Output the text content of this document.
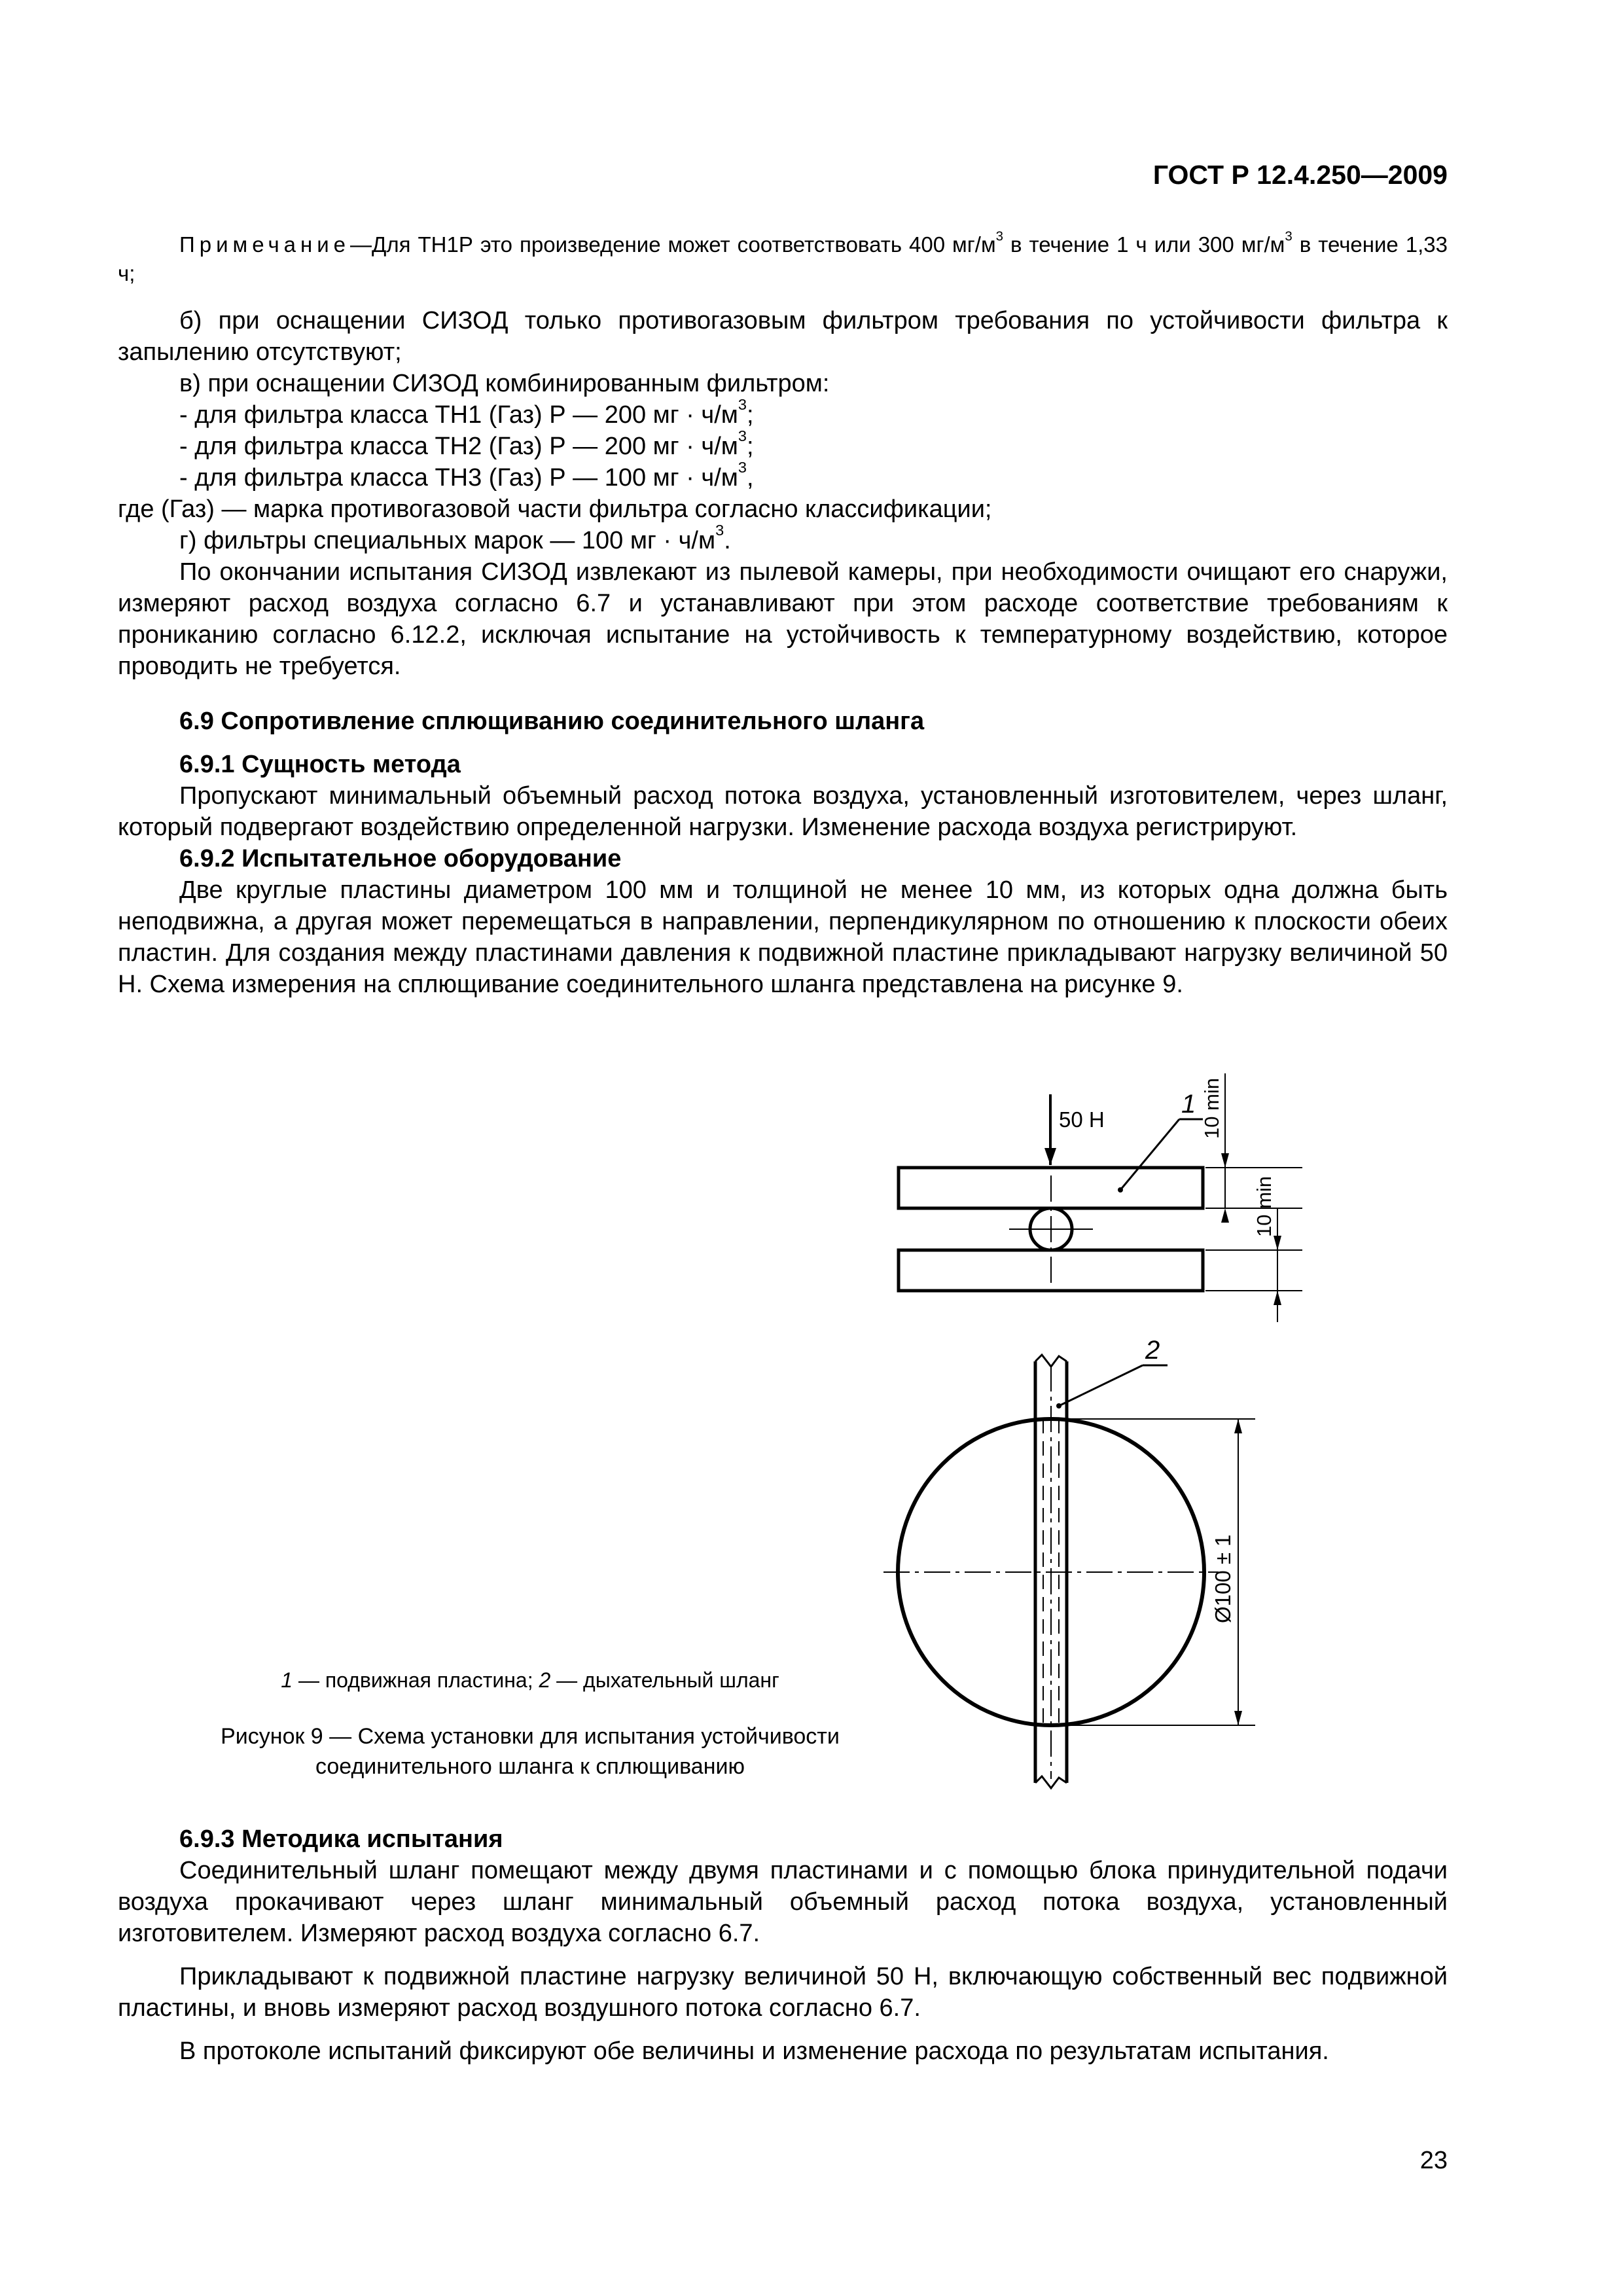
ГОСТ Р 12.4.250—2009

Примечание—Для ТН1Р это произведение может соответствовать 400 $мг/м^3$ в течение 1 ч или 300 $мг/м^3$ в течение 1,33 ч;

б) при оснащении СИЗОД только противогазовым фильтром требования по устойчивости фильтра к запылению отсутствуют;

в) при оснащении СИЗОД комбинированным фильтром:

- для фильтра класса ТН1 (Газ) Р — 200 мг · $ч/м^3$;

- для фильтра класса ТН2 (Газ) Р — 200 мг · $ч/м^3$;

- для фильтра класса ТН3 (Газ) Р — 100 мг · $ч/м^3$,

где (Газ) — марка противогазовой части фильтра согласно классификации;

г) фильтры специальных марок — 100 мг · $ч/м^3$.

По окончании испытания СИЗОД извлекают из пылевой камеры, при необходимости очищают его снаружи, измеряют расход воздуха согласно 6.7 и устанавливают при этом расходе соответствие требованиям к прониканию согласно 6.12.2, исключая испытание на устойчивость к температурному воздействию, которое проводить не требуется.

6.9 Сопротивление сплющиванию соединительного шланга

6.9.1 Сущность метода

Пропускают минимальный объемный расход потока воздуха, установленный изготовителем, через шланг, который подвергают воздействию определенной нагрузки. Изменение расхода воздуха регистрируют.

6.9.2 Испытательное оборудование

Две круглые пластины диаметром 100 мм и толщиной не менее 10 мм, из которых одна должна быть неподвижна, а другая может перемещаться в направлении, перпендикулярном по отношению к плоскости обеих пластин. Для создания между пластинами давления к подвижной пластине прикладывают нагрузку величиной 50 Н. Схема измерения на сплющивание соединительного шланга представлена на рисунке 9.

50 Н
1 10 min
10 min
2
Ø100 ± 1
1 — подвижная пластина; 2 — дыхательный шланг
Рисунок 9 — Схема установки для испытания устойчивости соединительного шланга к сплющиванию

6.9.3 Методика испытания

Соединительный шланг помещают между двумя пластинами и с помощью блока принудительной подачи воздуха прокачивают через шланг минимальный объемный расход потока воздуха, установленный изготовителем. Измеряют расход воздуха согласно 6.7.

Прикладывают к подвижной пластине нагрузку величиной 50 Н, включающую собственный вес подвижной пластины, и вновь измеряют расход воздушного потока согласно 6.7.

В протоколе испытаний фиксируют обе величины и изменение расхода по результатам испытания.

23
